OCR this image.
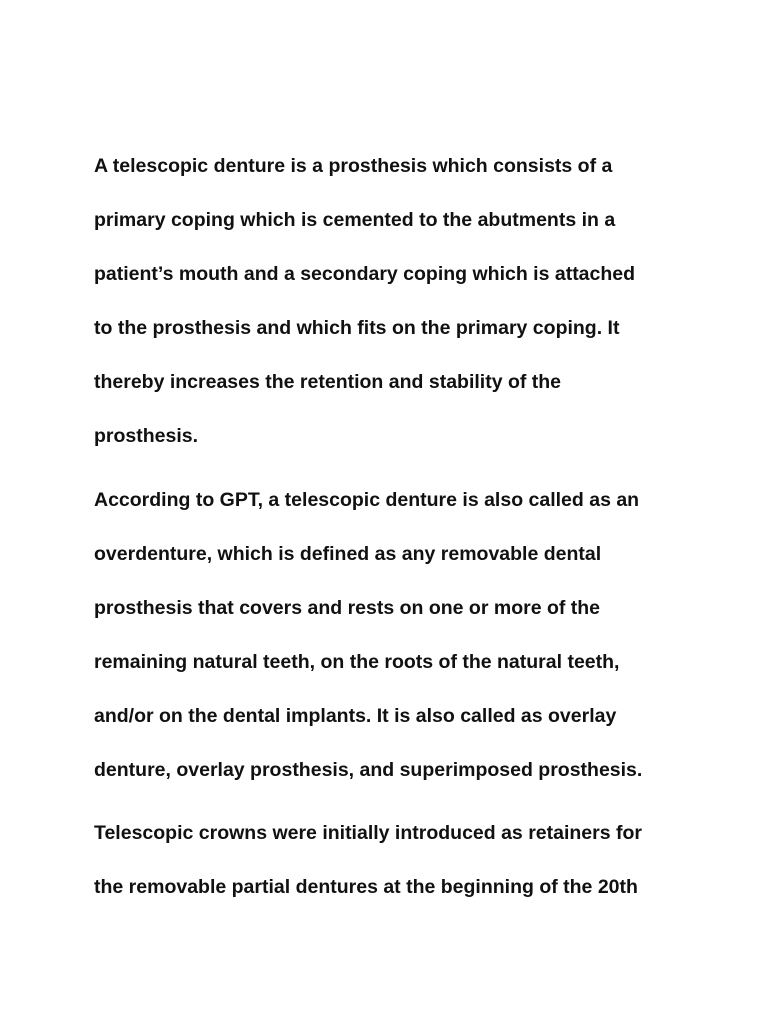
A telescopic denture is a prosthesis which consists of a

primary coping which is cemented to the abutments in a

patient’s mouth and a secondary coping which is attached

to the prosthesis and which fits on the primary coping. It

thereby increases the retention and stability of the

prosthesis.

According to GPT, a telescopic denture is also called as an

overdenture, which is defined as any removable dental

prosthesis that covers and rests on one or more of the

remaining natural teeth, on the roots of the natural teeth,

and/or on the dental implants. It is also called as overlay

denture, overlay prosthesis, and superimposed prosthesis.

Telescopic crowns were initially introduced as retainers for

the removable partial dentures at the beginning of the 20th
